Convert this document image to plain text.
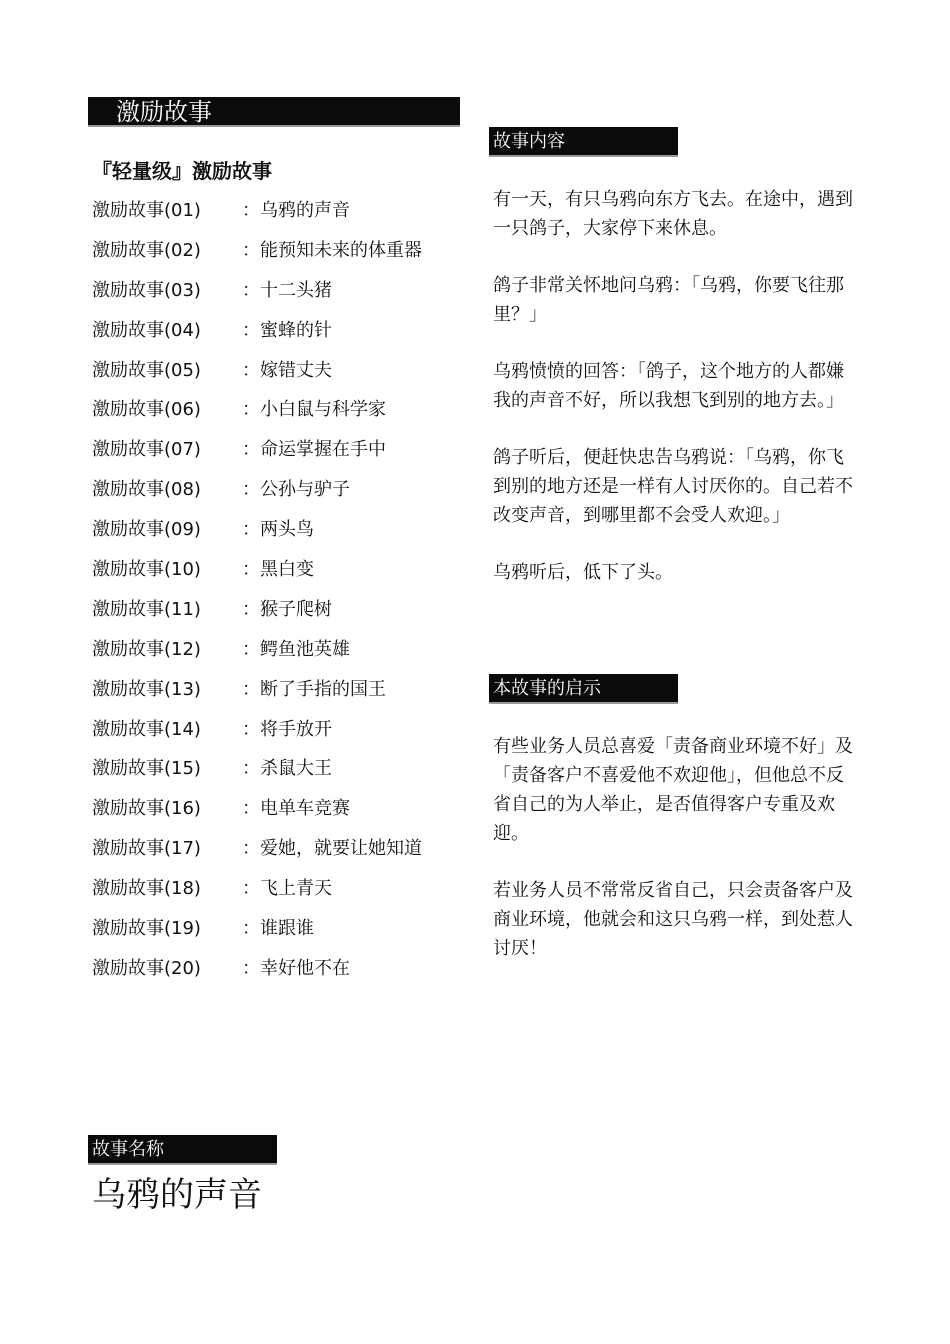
激励故事
『轻量级』激励故事
激励故事(01)	：乌鸦的声音
激励故事(02)	：能预知未来的体重器
激励故事(03)	：十二头猪
激励故事(04)	：蜜蜂的针
激励故事(05)	：嫁错丈夫
激励故事(06)	：小白鼠与科学家
激励故事(07)	：命运掌握在手中
激励故事(08)	：公孙与驴子
激励故事(09)	：两头鸟
激励故事(10)	：黑白变
激励故事(11)	：猴子爬树
激励故事(12)	：鳄鱼池英雄
激励故事(13)	：断了手指的国王
激励故事(14)	：将手放开
激励故事(15)	：杀鼠大王
激励故事(16)	：电单车竞赛
激励故事(17)	：爱她，就要让她知道
激励故事(18)	：飞上青天
激励故事(19)	：谁跟谁
激励故事(20)	：幸好他不在
故事内容

有一天，有只乌鸦向东方飞去。在途中，遇到一只鸽子，大家停下来休息。

鸽子非常关怀地问乌鸦：「乌鸦，你要飞往那里？」

乌鸦愤愤的回答：「鸽子，这个地方的人都嫌我的声音不好，所以我想飞到别的地方去。」

鸽子听后，便赶快忠告乌鸦说：「乌鸦，你飞到别的地方还是一样有人讨厌你的。自己若不改变声音，到哪里都不会受人欢迎。」

乌鸦听后，低下了头。

本故事的启示

有些业务人员总喜爱「责备商业环境不好」及 「责备客户不喜爱他不欢迎他」，但他总不反省自己的为人举止，是否值得客户专重及欢迎。

若业务人员不常常反省自己，只会责备客户及商业环境，他就会和这只乌鸦一样，到处惹人讨厌！

故事名称
乌鸦的声音
